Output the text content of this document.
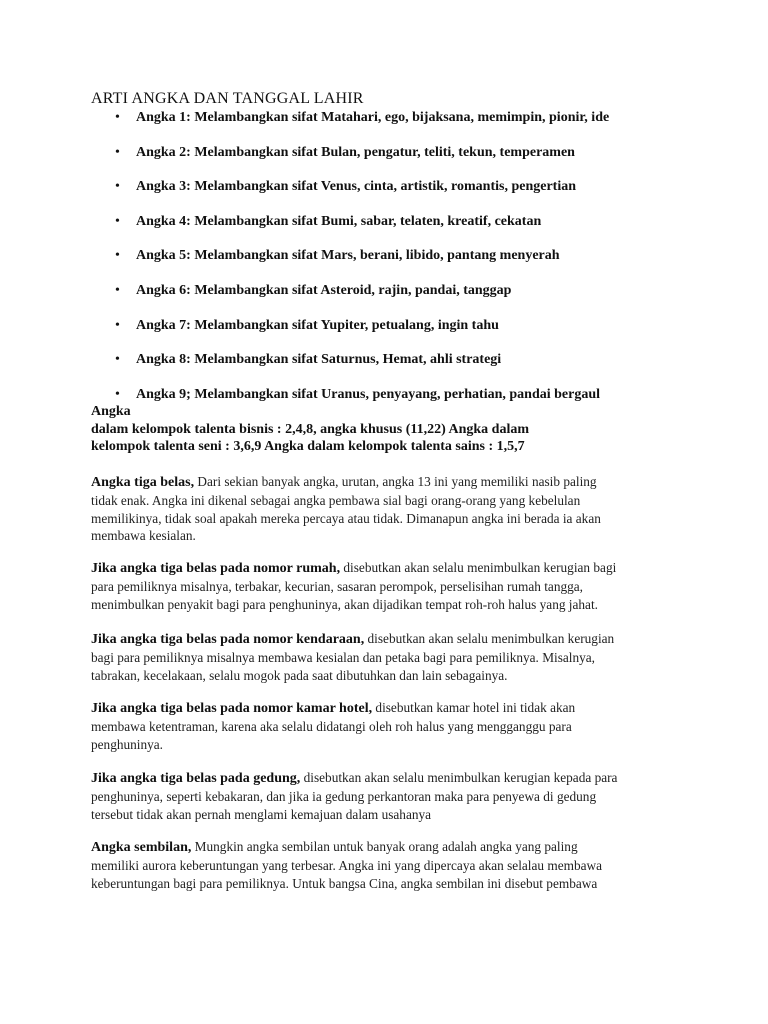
ARTI ANGKA DAN TANGGAL LAHIR
• Angka 1: Melambangkan sifat Matahari, ego, bijaksana, memimpin, pionir, ide
• Angka 2: Melambangkan sifat Bulan, pengatur, teliti, tekun, temperamen
• Angka 3: Melambangkan sifat Venus, cinta, artistik, romantis, pengertian
• Angka 4: Melambangkan sifat Bumi, sabar, telaten, kreatif, cekatan
• Angka 5: Melambangkan sifat Mars, berani, libido, pantang menyerah
• Angka 6: Melambangkan sifat Asteroid, rajin, pandai, tanggap
• Angka 7: Melambangkan sifat Yupiter, petualang, ingin tahu
• Angka 8: Melambangkan sifat Saturnus, Hemat, ahli strategi
• Angka 9; Melambangkan sifat Uranus, penyayang, perhatian, pandai bergaul
Angka
dalam kelompok talenta bisnis : 2,4,8, angka khusus (11,22) Angka dalam
kelompok talenta seni : 3,6,9 Angka dalam kelompok talenta sains : 1,5,7
Angka tiga belas, Dari sekian banyak angka, urutan, angka 13 ini yang memiliki nasib paling
tidak enak. Angka ini dikenal sebagai angka pembawa sial bagi orang-orang yang kebelulan
memilikinya, tidak soal apakah mereka percaya atau tidak. Dimanapun angka ini berada ia akan
membawa kesialan.
Jika angka tiga belas pada nomor rumah, disebutkan akan selalu menimbulkan kerugian bagi
para pemiliknya misalnya, terbakar, kecurian, sasaran perompok, perselisihan rumah tangga,
menimbulkan penyakit bagi para penghuninya, akan dijadikan tempat roh-roh halus yang jahat.
Jika angka tiga belas pada nomor kendaraan, disebutkan akan selalu menimbulkan kerugian
bagi para pemiliknya misalnya membawa kesialan dan petaka bagi para pemiliknya. Misalnya,
tabrakan, kecelakaan, selalu mogok pada saat dibutuhkan dan lain sebagainya.
Jika angka tiga belas pada nomor kamar hotel, disebutkan kamar hotel ini tidak akan
membawa ketentraman, karena aka selalu didatangi oleh roh halus yang mengganggu para
penghuninya.
Jika angka tiga belas pada gedung, disebutkan akan selalu menimbulkan kerugian kepada para
penghuninya, seperti kebakaran, dan jika ia gedung perkantoran maka para penyewa di gedung
tersebut tidak akan pernah menglami kemajuan dalam usahanya
Angka sembilan, Mungkin angka sembilan untuk banyak orang adalah angka yang paling
memiliki aurora keberuntungan yang terbesar. Angka ini yang dipercaya akan selalau membawa
keberuntungan bagi para pemiliknya. Untuk bangsa Cina, angka sembilan ini disebut pembawa
